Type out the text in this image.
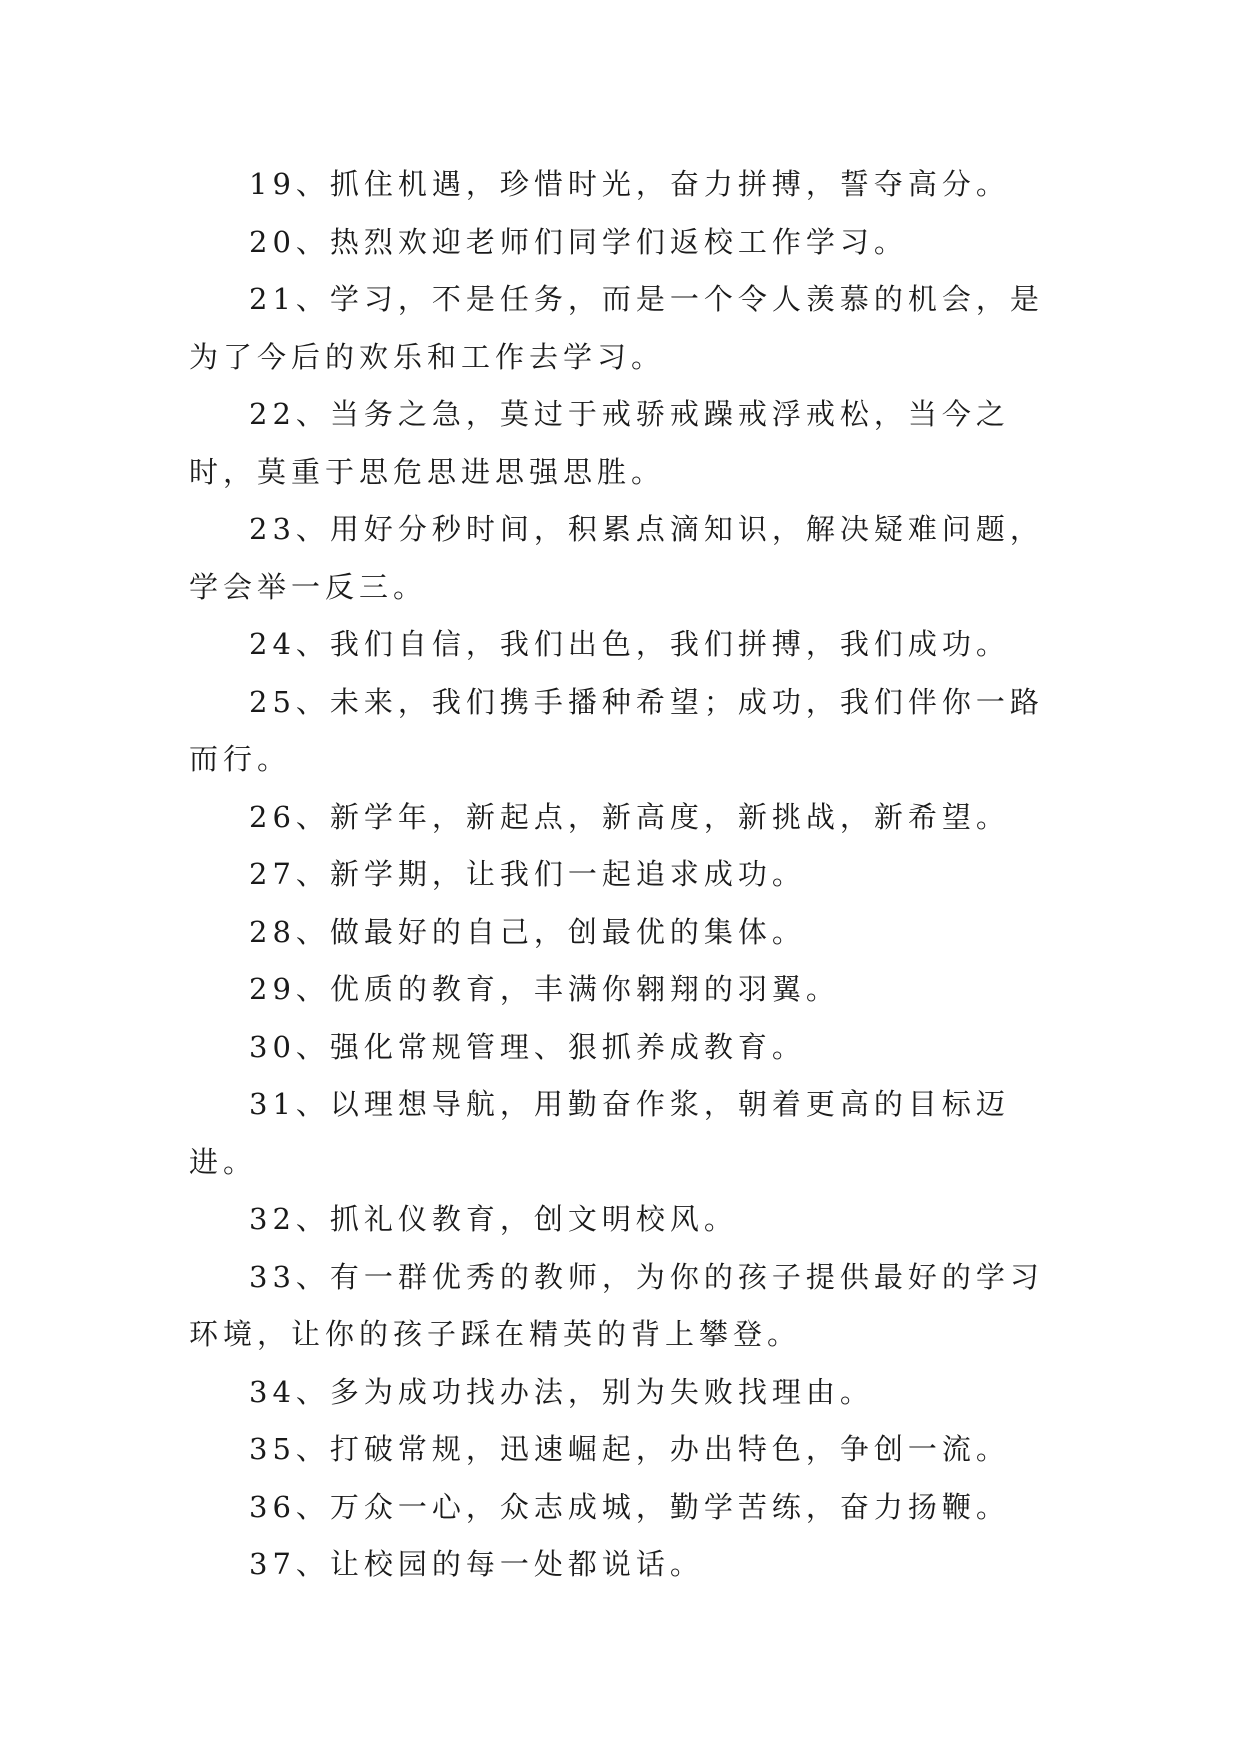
19、抓住机遇，珍惜时光，奋力拼搏，誓夺高分。

20、热烈欢迎老师们同学们返校工作学习。

21、学习，不是任务，而是一个令人羡慕的机会，是为了今后的欢乐和工作去学习。

22、当务之急，莫过于戒骄戒躁戒浮戒松，当今之时，莫重于思危思进思强思胜。

23、用好分秒时间，积累点滴知识，解决疑难问题，学会举一反三。

24、我们自信，我们出色，我们拼搏，我们成功。

25、未来，我们携手播种希望；成功，我们伴你一路而行。

26、新学年，新起点，新高度，新挑战，新希望。

27、新学期，让我们一起追求成功。

28、做最好的自己，创最优的集体。

29、优质的教育，丰满你翱翔的羽翼。

30、强化常规管理、狠抓养成教育。

31、以理想导航，用勤奋作浆，朝着更高的目标迈进。

32、抓礼仪教育，创文明校风。

33、有一群优秀的教师，为你的孩子提供最好的学习环境，让你的孩子踩在精英的背上攀登。

34、多为成功找办法，别为失败找理由。

35、打破常规，迅速崛起，办出特色，争创一流。

36、万众一心，众志成城，勤学苦练，奋力扬鞭。

37、让校园的每一处都说话。
